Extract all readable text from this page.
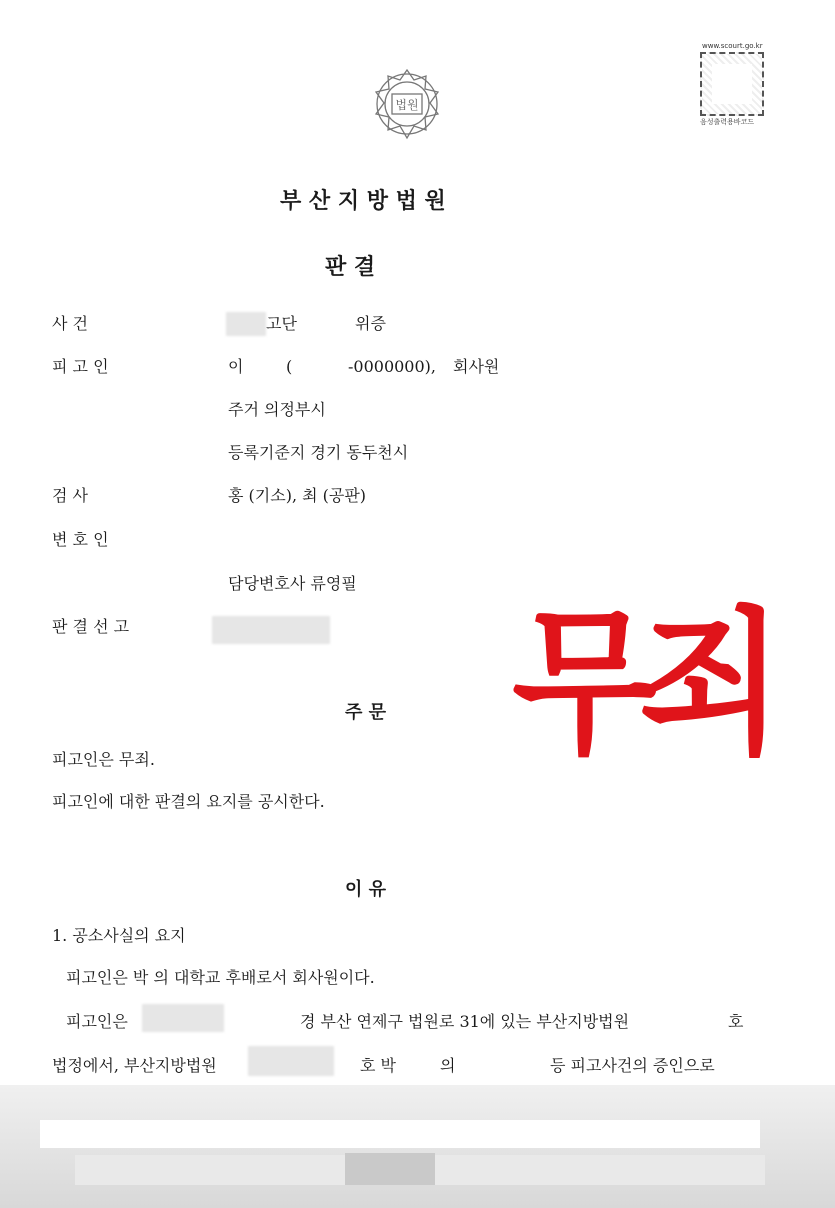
법원
www.scourt.go.kr
음성출력용바코드
부 산 지 방 법 원
판 결
사 건	고단	위증
피 고 인	이	(	-0000000), 회사원
주거 의정부시
등록기준지 경기 동두천시
검 사	홍 (기소), 최 (공판)
변 호 인
담당변호사 류영필
판 결 선 고	무죄
주 문
피고인은 무죄.
피고인에 대한 판결의 요지를 공시한다.
이 유
1. 공소사실의 요지
피고인은 박 의 대학교 후배로서 회사원이다.
피고인은	경 부산 연제구 법원로 31에 있는 부산지방법원	호
법정에서, 부산지방법원	호 박	의	등 피고사건의 증인으로
